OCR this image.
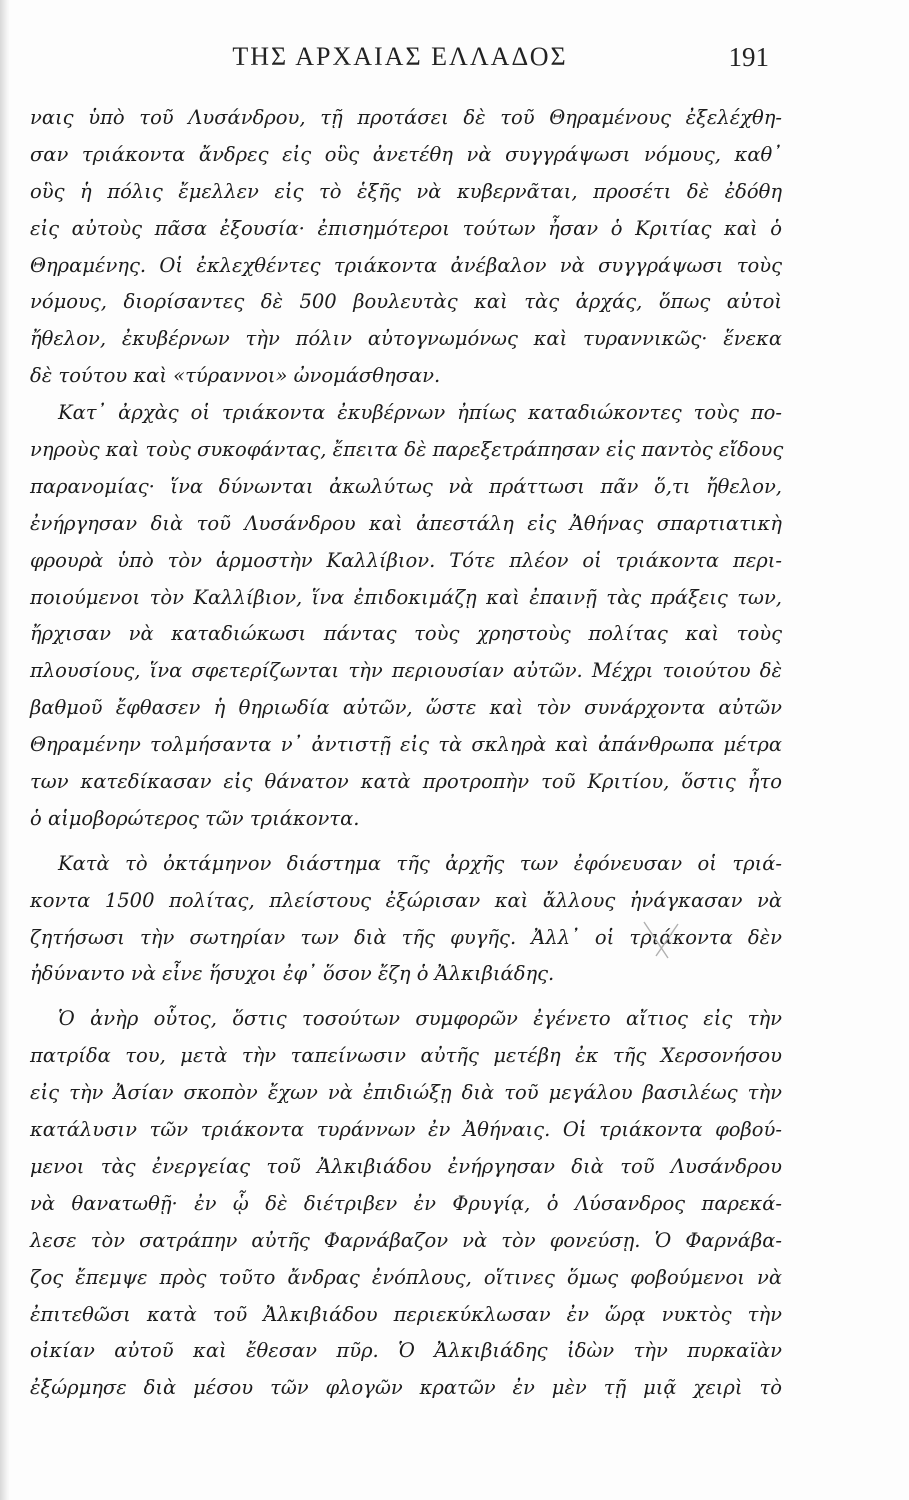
ΤΗΣ ΑΡΧΑΙΑΣ ΕΛΛΑΔΟΣ	191
ναις ὑπὸ τοῦ Λυσάνδρου, τῇ προτάσει δὲ τοῦ Θηραμένους ἐξελέχθη-
σαν τριάκοντα ἄνδρες εἰς οὓς ἀνετέθη νὰ συγγράψωσι νόμους, καθ᾿
οὓς ἡ πόλις ἔμελλεν εἰς τὸ ἑξῆς νὰ κυβερνᾶται, προσέτι δὲ ἐδόθη
εἰς αὐτοὺς πᾶσα ἐξουσία· ἐπισημότεροι τούτων ἦσαν ὁ Κριτίας καὶ ὁ
Θηραμένης. Οἱ ἐκλεχθέντες τριάκοντα ἀνέβαλον νὰ συγγράψωσι τοὺς
νόμους, διορίσαντες δὲ 500 βουλευτὰς καὶ τὰς ἀρχάς, ὅπως αὐτοὶ
ἤθελον, ἐκυβέρνων τὴν πόλιν αὐτογνωμόνως καὶ τυραννικῶς· ἕνεκα
δὲ τούτου καὶ «τύραννοι» ὠνομάσθησαν.
Κατ᾿ ἀρχὰς οἱ τριάκοντα ἐκυβέρνων ἠπίως καταδιώκοντες τοὺς πο-
νηροὺς καὶ τοὺς συκοφάντας, ἔπειτα δὲ παρεξετράπησαν εἰς παντὸς εἴδους
παρανομίας· ἵνα δύνωνται ἀκωλύτως νὰ πράττωσι πᾶν ὅ,τι ἤθελον,
ἐνήργησαν διὰ τοῦ Λυσάνδρου καὶ ἀπεστάλη εἰς Ἀθήνας σπαρτιατικὴ
φρουρὰ ὑπὸ τὸν ἁρμοστὴν Καλλίβιον. Τότε πλέον οἱ τριάκοντα περι-
ποιούμενοι τὸν Καλλίβιον, ἵνα ἐπιδοκιμάζῃ καὶ ἐπαινῇ τὰς πράξεις των,
ἤρχισαν νὰ καταδιώκωσι πάντας τοὺς χρηστοὺς πολίτας καὶ τοὺς
πλουσίους, ἵνα σφετερίζωνται τὴν περιουσίαν αὐτῶν. Μέχρι τοιούτου δὲ
βαθμοῦ ἔφθασεν ἡ θηριωδία αὐτῶν, ὥστε καὶ τὸν συνάρχοντα αὐτῶν
Θηραμένην τολμήσαντα ν᾿ ἀντιστῇ εἰς τὰ σκληρὰ καὶ ἀπάνθρωπα μέτρα
των κατεδίκασαν εἰς θάνατον κατὰ προτροπὴν τοῦ Κριτίου, ὅστις ἦτο
ὁ αἱμοβορώτερος τῶν τριάκοντα.
Κατὰ τὸ ὀκτάμηνον διάστημα τῆς ἀρχῆς των ἐφόνευσαν οἱ τριά-
κοντα 1500 πολίτας, πλείστους ἐξώρισαν καὶ ἄλλους ἠνάγκασαν νὰ
ζητήσωσι τὴν σωτηρίαν των διὰ τῆς φυγῆς. Ἀλλ᾿ οἱ τριάκοντα δὲν
ἠδύναντο νὰ εἶνε ἥσυχοι ἐφ᾿ ὅσον ἔζη ὁ Ἀλκιβιάδης.
Ὁ ἀνὴρ οὗτος, ὅστις τοσούτων συμφορῶν ἐγένετο αἴτιος εἰς τὴν
πατρίδα του, μετὰ τὴν ταπείνωσιν αὐτῆς μετέβη ἐκ τῆς Χερσονήσου
εἰς τὴν Ἀσίαν σκοπὸν ἔχων νὰ ἐπιδιώξῃ διὰ τοῦ μεγάλου βασιλέως τὴν
κατάλυσιν τῶν τριάκοντα τυράννων ἐν Ἀθήναις. Οἱ τριάκοντα φοβού-
μενοι τὰς ἐνεργείας τοῦ Ἀλκιβιάδου ἐνήργησαν διὰ τοῦ Λυσάνδρου
νὰ θανατωθῇ· ἐν ᾧ δὲ διέτριβεν ἐν Φρυγίᾳ, ὁ Λύσανδρος παρεκά-
λεσε τὸν σατράπην αὐτῆς Φαρνάβαζον νὰ τὸν φονεύσῃ. Ὁ Φαρνάβα-
ζος ἔπεμψε πρὸς τοῦτο ἄνδρας ἐνόπλους, οἵτινες ὅμως φοβούμενοι νὰ
ἐπιτεθῶσι κατὰ τοῦ Ἀλκιβιάδου περιεκύκλωσαν ἐν ὥρᾳ νυκτὸς τὴν
οἰκίαν αὐτοῦ καὶ ἔθεσαν πῦρ. Ὁ Ἀλκιβιάδης ἰδὼν τὴν πυρκαϊὰν
ἐξώρμησε διὰ μέσου τῶν φλογῶν κρατῶν ἐν μὲν τῇ μιᾷ χειρὶ τὸ
